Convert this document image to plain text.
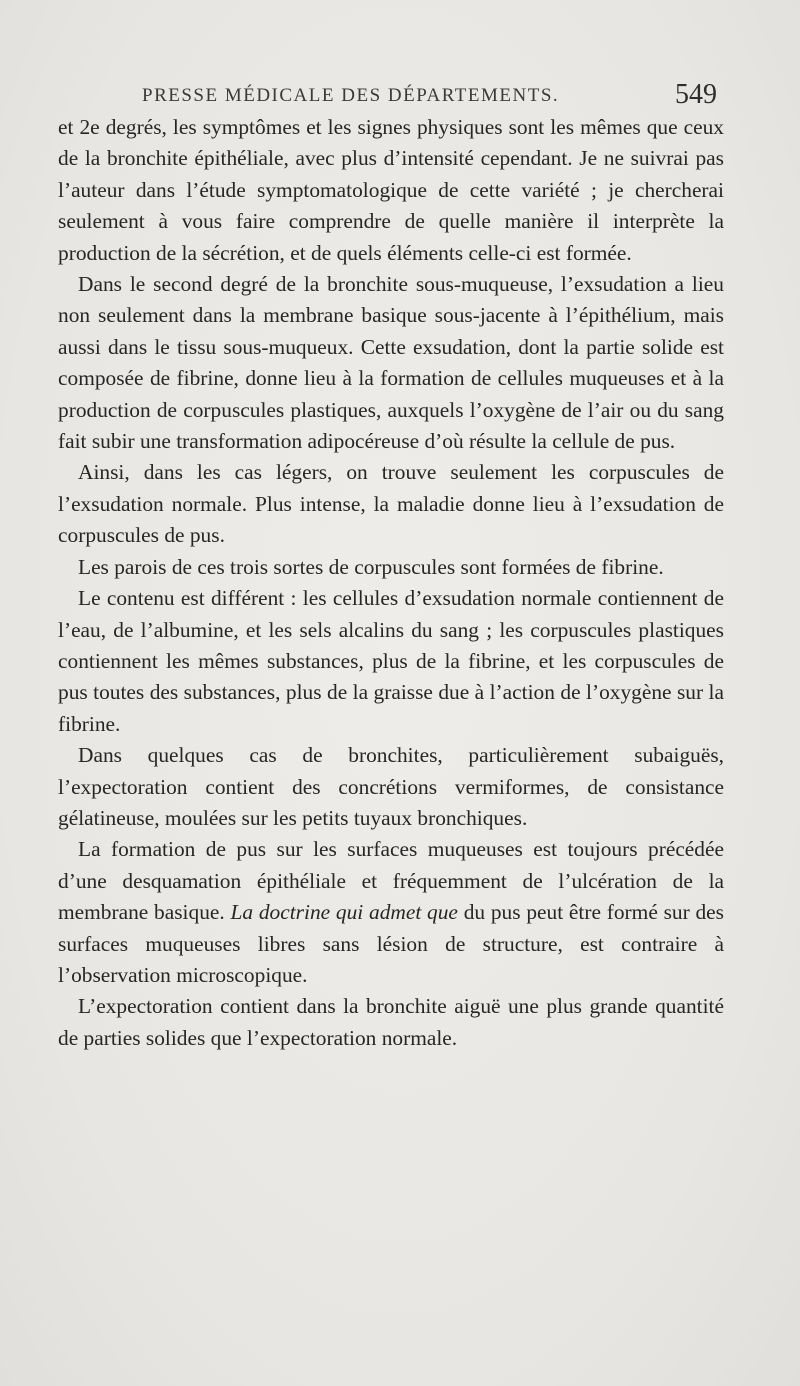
PRESSE MÉDICALE DES DÉPARTEMENTS.	549

et 2e degrés, les symptômes et les signes physiques sont les mêmes que ceux de la bronchite épithéliale, avec plus d’intensité cependant. Je ne suivrai pas l’auteur dans l’étude symptomatologique de cette variété ; je chercherai seulement à vous faire comprendre de quelle manière il interprète la production de la sécrétion, et de quels éléments celle-ci est formée.

Dans le second degré de la bronchite sous-muqueuse, l’exsudation a lieu non seulement dans la membrane basique sous-jacente à l’épithélium, mais aussi dans le tissu sous-muqueux. Cette exsudation, dont la partie solide est composée de fibrine, donne lieu à la formation de cellules muqueuses et à la production de corpuscules plastiques, auxquels l’oxygène de l’air ou du sang fait subir une transformation adipocéreuse d’où résulte la cellule de pus.

Ainsi, dans les cas légers, on trouve seulement les corpuscules de l’exsudation normale. Plus intense, la maladie donne lieu à l’exsudation de corpuscules de pus.

Les parois de ces trois sortes de corpuscules sont formées de fibrine.

Le contenu est différent : les cellules d’exsudation normale contiennent de l’eau, de l’albumine, et les sels alcalins du sang ; les corpuscules plastiques contiennent les mêmes substances, plus de la fibrine, et les corpuscules de pus toutes des substances, plus de la graisse due à l’action de l’oxygène sur la fibrine.

Dans quelques cas de bronchites, particulièrement subaiguës, l’expectoration contient des concrétions vermiformes, de consistance gélatineuse, moulées sur les petits tuyaux bronchiques.

La formation de pus sur les surfaces muqueuses est toujours précédée d’une desquamation épithéliale et fréquemment de l’ulcération de la membrane basique. La doctrine qui admet que du pus peut être formé sur des surfaces muqueuses libres sans lésion de structure, est contraire à l’observation microscopique.

L’expectoration contient dans la bronchite aiguë une plus grande quantité de parties solides que l’expectoration normale.
